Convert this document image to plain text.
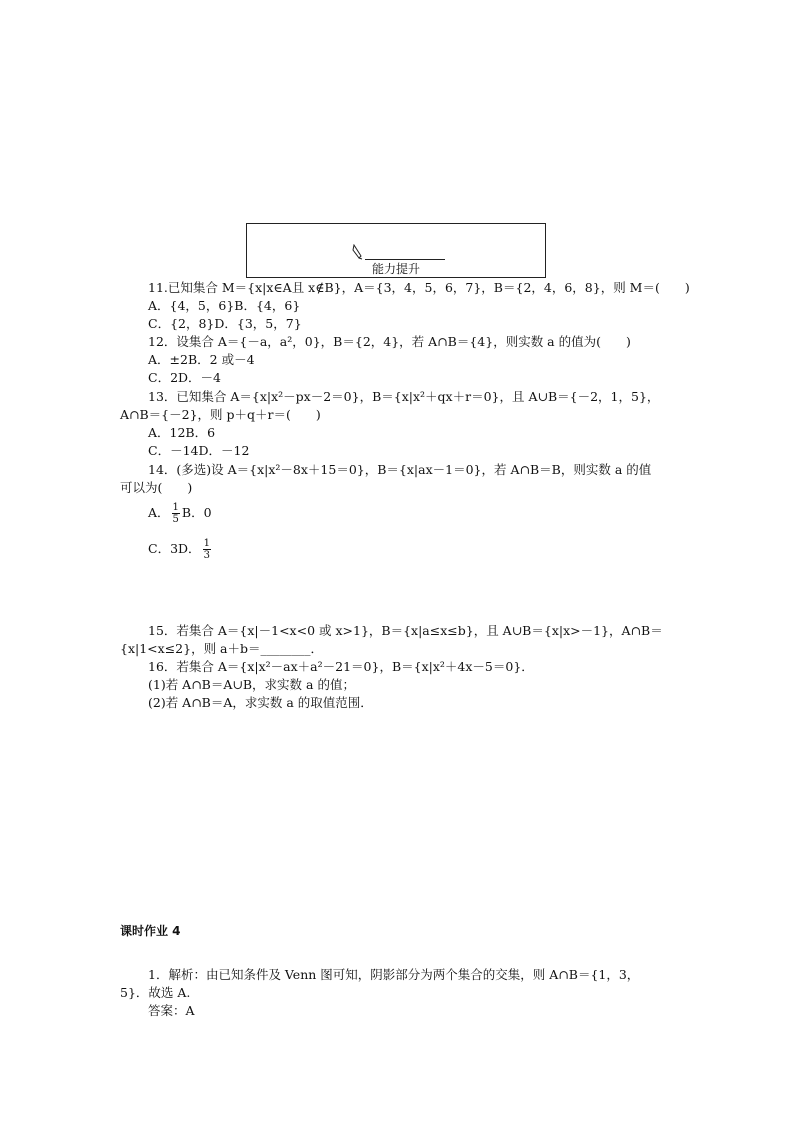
能力提升
11.已知集合 M＝{x|x∈A且 x∉B}，A＝{3，4，5，6，7}，B＝{2，4，6，8}，则 M＝(　　)
A．{4，5，6}B．{4，6}
C．{2，8}D．{3，5，7}
12．设集合 A＝{－a，a²，0}，B＝{2，4}，若 A∩B＝{4}，则实数 a 的值为(　　)
A．±2B．2 或－4
C．2D．－4
13．已知集合 A＝{x|x²－px－2＝0}，B＝{x|x²＋qx＋r＝0}，且 A∪B＝{－2，1，5}，
A∩B＝{－2}，则 p＋q＋r＝(　　)
A．12B．6
C．－14D．－12
14．(多选)设 A＝{x|x²－8x＋15＝0}，B＝{x|ax－1＝0}，若 A∩B＝B，则实数 a 的值
可以为(　　)
A． $\frac{1}{5}$ B．0
C．3D． $\frac{1}{3}$
15．若集合 A＝{x|－1<x<0 或 x>1}，B＝{x|a≤x≤b}，且 A∪B＝{x|x>－1}，A∩B＝
{x|1<x≤2}，则 a＋b＝________．
16．若集合 A＝{x|x²－ax＋a²－21＝0}，B＝{x|x²＋4x－5＝0}．
(1)若 A∩B＝A∪B，求实数 a 的值；
(2)若 A∩B＝A，求实数 a 的取值范围．
课时作业 4
1．解析：由已知条件及 Venn 图可知，阴影部分为两个集合的交集，则 A∩B＝{1，3，
5}．故选 A.
答案：A
